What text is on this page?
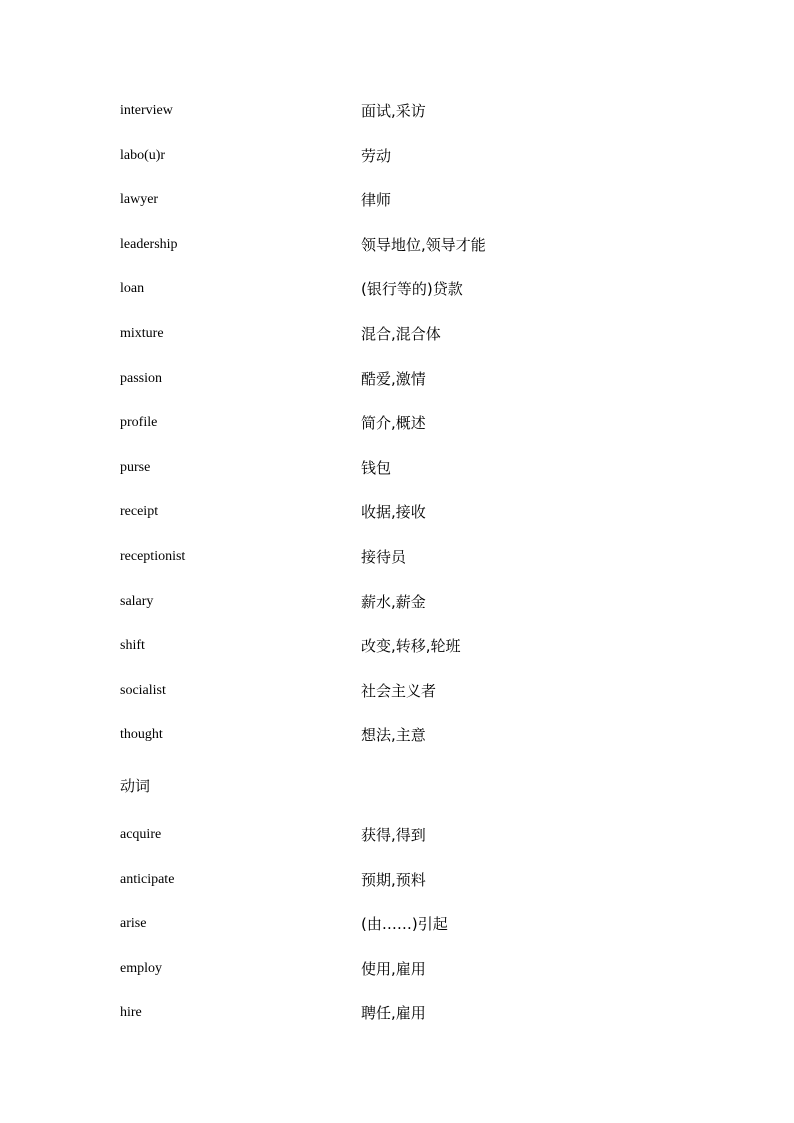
interview	面试,采访
labo(u)r	劳动
lawyer	律师
leadership	领导地位,领导才能
loan	(银行等的)贷款
mixture	混合,混合体
passion	酷爱,激情
profile	简介,概述
purse	钱包
receipt	收据,接收
receptionist	接待员
salary	薪水,薪金
shift	改变,转移,轮班
socialist	社会主义者
thought	想法,主意
动词
acquire	获得,得到
anticipate	预期,预料
arise	(由……)引起
employ	使用,雇用
hire	聘任,雇用
